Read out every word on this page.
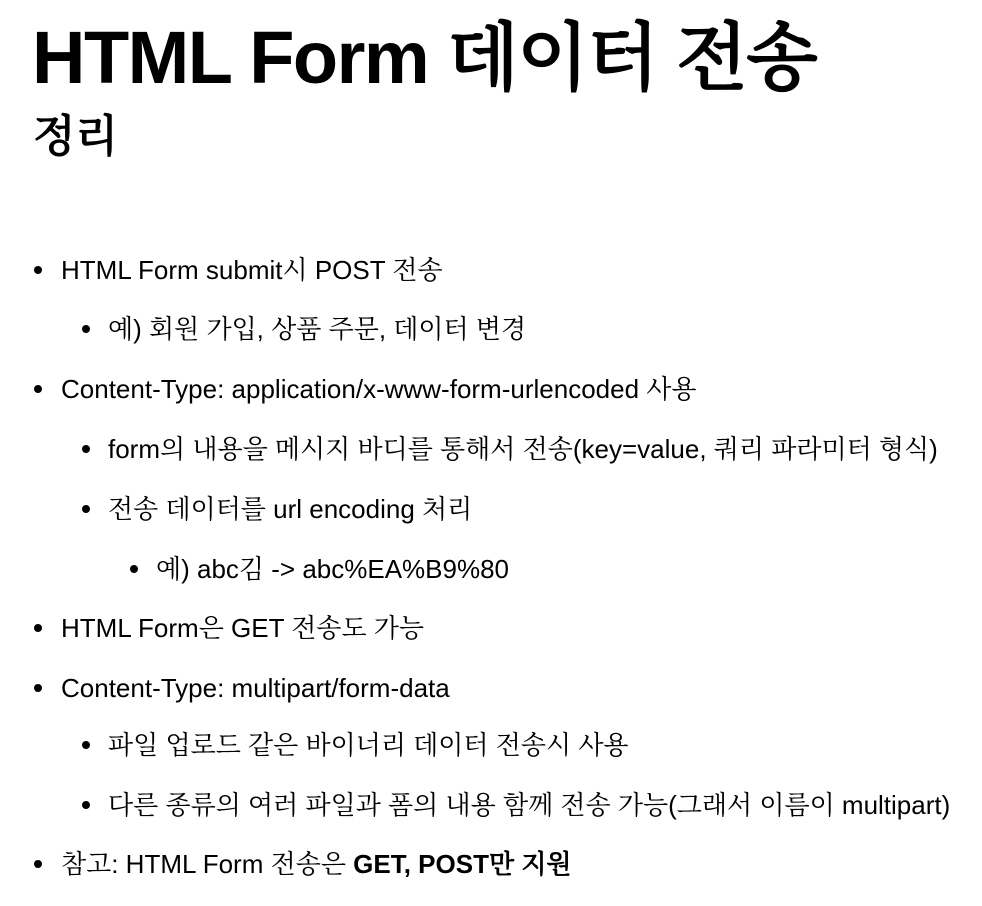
HTML Form 데이터 전송
정리
HTML Form submit시 POST 전송
예) 회원 가입, 상품 주문, 데이터 변경
Content-Type: application/x-www-form-urlencoded 사용
form의 내용을 메시지 바디를 통해서 전송(key=value, 쿼리 파라미터 형식)
전송 데이터를 url encoding 처리
예) abc김 -> abc%EA%B9%80
HTML Form은 GET 전송도 가능
Content-Type: multipart/form-data
파일 업로드 같은 바이너리 데이터 전송시 사용
다른 종류의 여러 파일과 폼의 내용 함께 전송 가능(그래서 이름이 multipart)
참고: HTML Form 전송은 GET, POST만 지원
